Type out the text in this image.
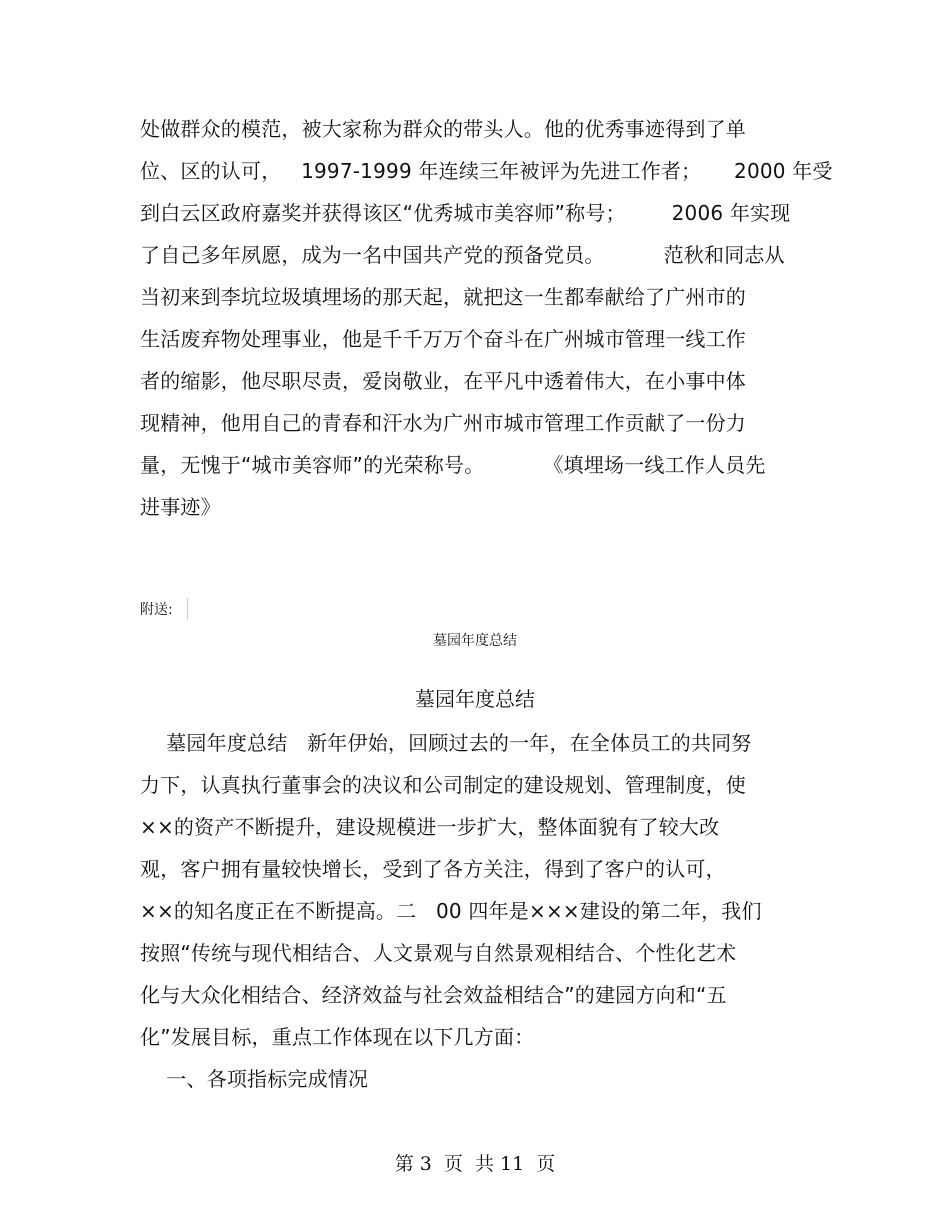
处做群众的模范，被大家称为群众的带头人。他的优秀事迹得到了单
位、区的认可，   1997-1999 年连续三年被评为先进工作者；     2000 年受
到白云区政府嘉奖并获得该区“优秀城市美容师”称号；       2006 年实现
了自己多年夙愿，成为一名中国共产党的预备党员。         范秋和同志从
当初来到李坑垃圾填埋场的那天起，就把这一生都奉献给了广州市的
生活废弃物处理事业，他是千千万万个奋斗在广州城市管理一线工作
者的缩影，他尽职尽责，爱岗敬业，在平凡中透着伟大，在小事中体
现精神，他用自己的青春和汗水为广州市城市管理工作贡献了一份力
量，无愧于“城市美容师”的光荣称号。         《填埋场一线工作人员先
进事迹》
附送:
墓园年度总结
墓园年度总结
墓园年度总结   新年伊始，回顾过去的一年，在全体员工的共同努
力下，认真执行董事会的决议和公司制定的建设规划、管理制度，使
××的资产不断提升，建设规模进一步扩大，整体面貌有了较大改
观，客户拥有量较快增长，受到了各方关注，得到了客户的认可，
××的知名度正在不断提高。二   00 四年是×××建设的第二年，我们
按照“传统与现代相结合、人文景观与自然景观相结合、个性化艺术
化与大众化相结合、经济效益与社会效益相结合”的建园方向和“五
化”发展目标，重点工作体现在以下几方面：
一、各项指标完成情况
第 3  页  共 11  页
